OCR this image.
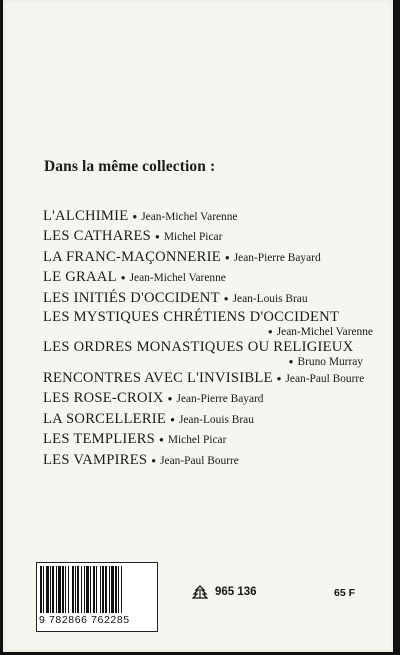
Dans la même collection :
L'ALCHIMIE ● Jean-Michel Varenne
LES CATHARES ● Michel Picar
LA FRANC-MAÇONNERIE ● Jean-Pierre Bayard
LE GRAAL ● Jean-Michel Varenne
LES INITIÉS D'OCCIDENT ● Jean-Louis Brau
LES MYSTIQUES CHRÉTIENS D'OCCIDENT
● Jean-Michel Varenne
LES ORDRES MONASTIQUES OU RELIGIEUX
● Bruno Murray
RENCONTRES AVEC L'INVISIBLE ● Jean-Paul Bourre
LES ROSE-CROIX ● Jean-Pierre Bayard
LA SORCELLERIE ● Jean-Louis Brau
LES TEMPLIERS ● Michel Picar
LES VAMPIRES ● Jean-Paul Bourre
9 782866 762285
965 136	65 F
